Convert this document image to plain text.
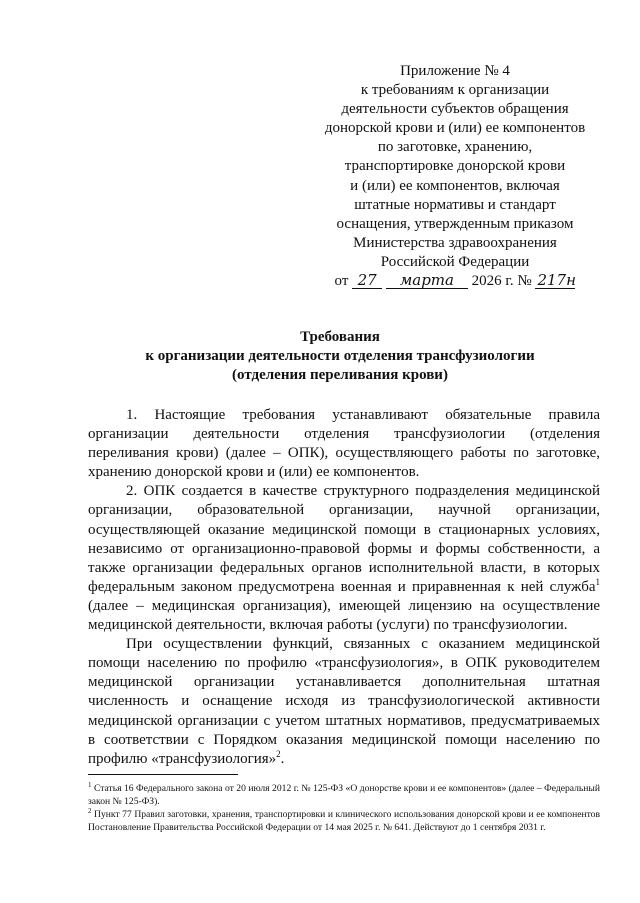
Приложение № 4
к требованиям к организации
деятельности субъектов обращения
донорской крови и (или) ее компонентов
по заготовке, хранению,
транспортировке донорской крови
и (или) ее компонентов, включая
штатные нормативы и стандарт
оснащения, утвержденным приказом
Министерства здравоохранения
Российской Федерации
от 27 марта 2026 г. № 217н
Требования
к организации деятельности отделения трансфузиологии
(отделения переливания крови)

1. Настоящие требования устанавливают обязательные правила организации деятельности отделения трансфузиологии (отделения переливания крови) (далее – ОПК), осуществляющего работы по заготовке, хранению донорской крови и (или) ее компонентов.

2. ОПК создается в качестве структурного подразделения медицинской организации, образовательной организации, научной организации, осуществляющей оказание медицинской помощи в стационарных условиях, независимо от организационно-правовой формы и формы собственности, а также организации федеральных органов исполнительной власти, в которых федеральным законом предусмотрена военная и приравненная к ней служба$^1$ (далее – медицинская организация), имеющей лицензию на осуществление медицинской деятельности, включая работы (услуги) по трансфузиологии.

При осуществлении функций, связанных с оказанием медицинской помощи населению по профилю «трансфузиология», в ОПК руководителем медицинской организации устанавливается дополнительная штатная численность и оснащение исходя из трансфузиологической активности медицинской организации с учетом штатных нормативов, предусматриваемых в соответствии с Порядком оказания медицинской помощи населению по профилю «трансфузиология»$^2$.

$^1$ Статья 16 Федерального закона от 20 июля 2012 г. № 125-ФЗ «О донорстве крови и ее компонентов» (далее – Федеральный закон № 125-ФЗ).

$^2$ Пункт 77 Правил заготовки, хранения, транспортировки и клинического использования донорской крови и ее компонентов Постановление Правительства Российской Федерации от 14 мая 2025 г. № 641. Действуют до 1 сентября 2031 г.
